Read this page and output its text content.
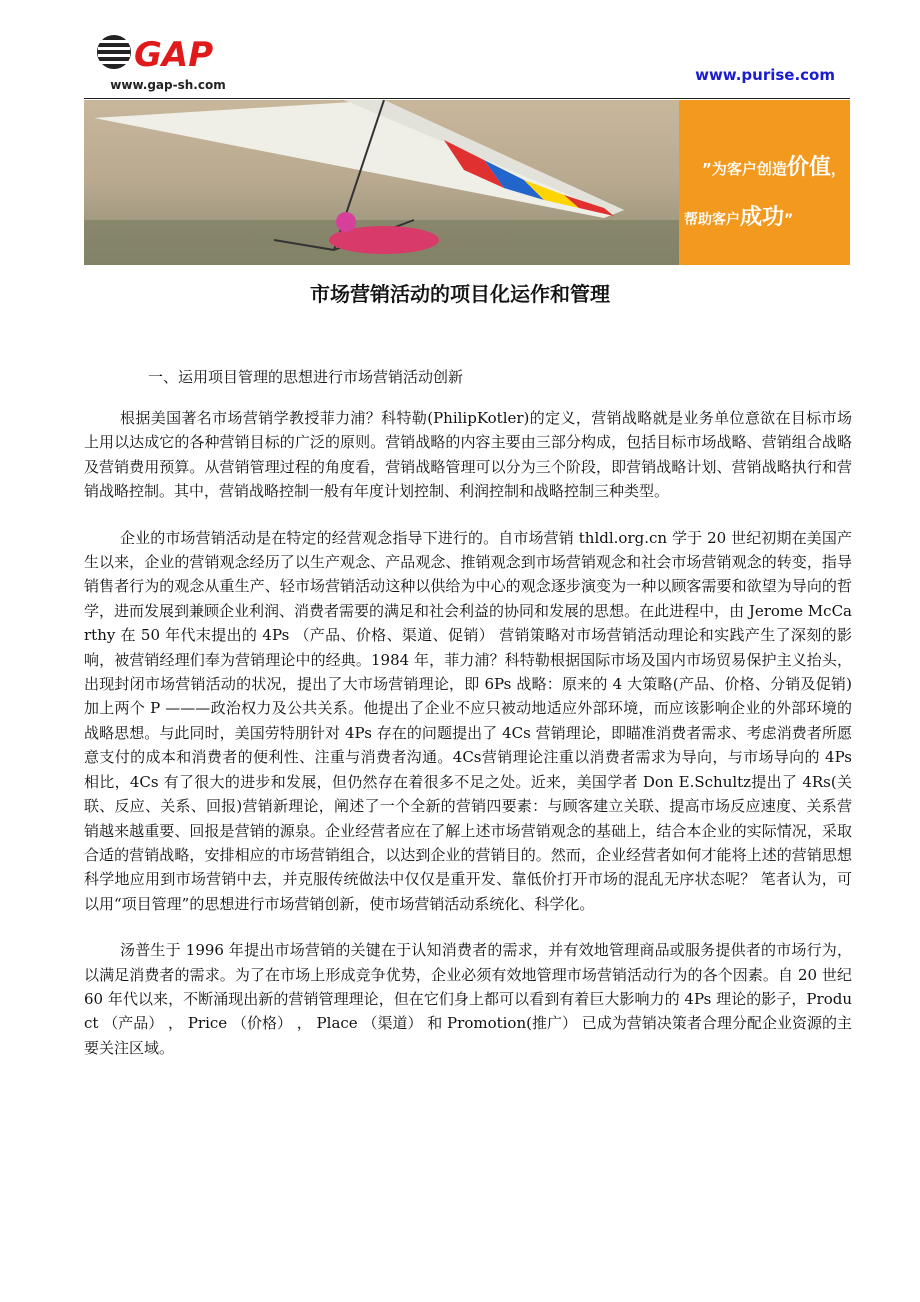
GAP
www.gap-sh.com
www.purise.com
”为客户创造价值，
帮助客户成功”
市场营销活动的项目化运作和管理
一、运用项目管理的思想进行市场营销活动创新

根据美国著名市场营销学教授菲力浦？科特勒(PhilipKotler)的定义，营销战略就是业务单位意欲在目标市场上用以达成它的各种营销目标的广泛的原则。营销战略的内容主要由三部分构成，包括目标市场战略、营销组合战略及营销费用预算。从营销管理过程的角度看，营销战略管理可以分为三个阶段，即营销战略计划、营销战略执行和营销战略控制。其中，营销战略控制一般有年度计划控制、利润控制和战略控制三种类型。

企业的市场营销活动是在特定的经营观念指导下进行的。自市场营销 thldl.org.cn 学于 20 世纪初期在美国产生以来，企业的营销观念经历了以生产观念、产品观念、推销观念到市场营销观念和社会市场营销观念的转变，指导销售者行为的观念从重生产、轻市场营销活动这种以供给为中心的观念逐步演变为一种以顾客需要和欲望为导向的哲学，进而发展到兼顾企业利润、消费者需要的满足和社会利益的协同和发展的思想。在此进程中，由 Jerome McCarthy 在 50 年代末提出的 4Ps （产品、价格、渠道、促销） 营销策略对市场营销活动理论和实践产生了深刻的影响，被营销经理们奉为营销理论中的经典。1984 年，菲力浦？科特勒根据国际市场及国内市场贸易保护主义抬头，出现封闭市场营销活动的状况，提出了大市场营销理论，即 6Ps 战略：原来的 4 大策略(产品、价格、分销及促销) 加上两个 P ———政治权力及公共关系。他提出了企业不应只被动地适应外部环境，而应该影响企业的外部环境的战略思想。与此同时，美国劳特朋针对 4Ps 存在的问题提出了 4Cs 营销理论，即瞄准消费者需求、考虑消费者所愿意支付的成本和消费者的便利性、注重与消费者沟通。4Cs营销理论注重以消费者需求为导向，与市场导向的 4Ps 相比，4Cs 有了很大的进步和发展，但仍然存在着很多不足之处。近来，美国学者 Don E.Schultz提出了 4Rs(关联、反应、关系、回报)营销新理论，阐述了一个全新的营销四要素：与顾客建立关联、提高市场反应速度、关系营销越来越重要、回报是营销的源泉。企业经营者应在了解上述市场营销观念的基础上，结合本企业的实际情况，采取合适的营销战略，安排相应的市场营销组合，以达到企业的营销目的。然而，企业经营者如何才能将上述的营销思想科学地应用到市场营销中去，并克服传统做法中仅仅是重开发、靠低价打开市场的混乱无序状态呢？ 笔者认为，可以用“项目管理”的思想进行市场营销创新，使市场营销活动系统化、科学化。

汤普生于 1996 年提出市场营销的关键在于认知消费者的需求，并有效地管理商品或服务提供者的市场行为，以满足消费者的需求。为了在市场上形成竞争优势，企业必须有效地管理市场营销活动行为的各个因素。自 20 世纪 60 年代以来，不断涌现出新的营销管理理论，但在它们身上都可以看到有着巨大影响力的 4Ps 理论的影子，Product （产品） ， Price （价格） ， Place （渠道） 和 Promotion(推广） 已成为营销决策者合理分配企业资源的主要关注区域。
